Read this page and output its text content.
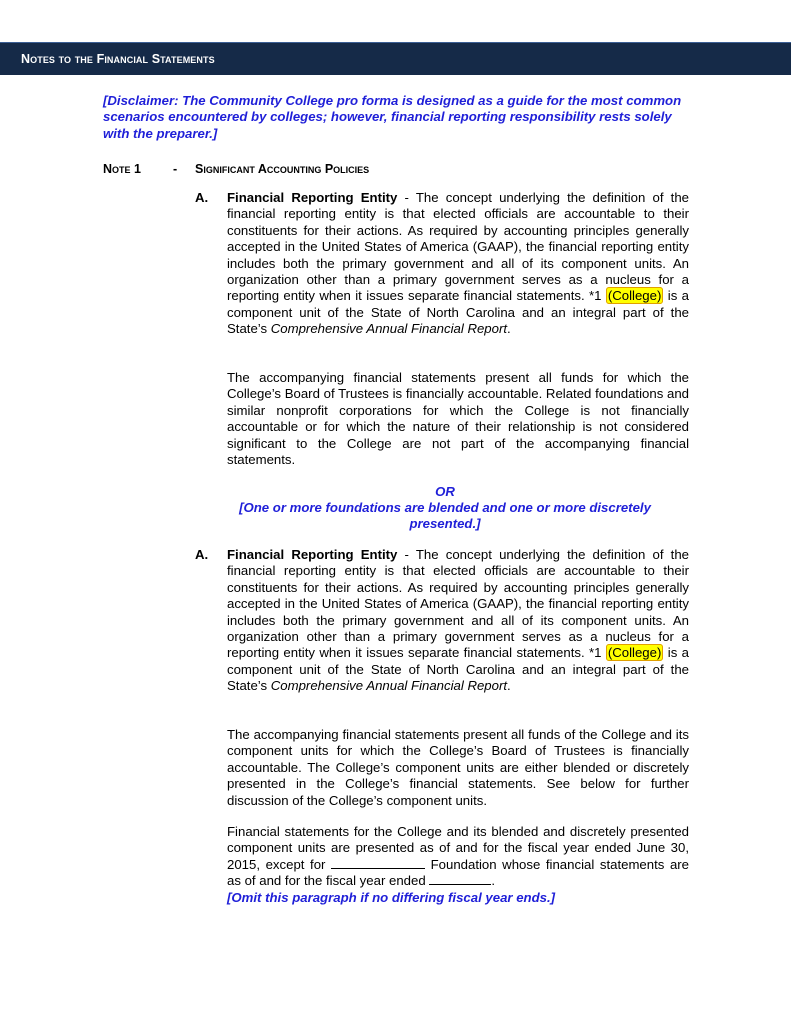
Notes to the Financial Statements
[Disclaimer: The Community College pro forma is designed as a guide for the most common scenarios encountered by colleges; however, financial reporting responsibility rests solely with the preparer.]
Note 1	- Significant Accounting Policies
A. Financial Reporting Entity - The concept underlying the definition of the financial reporting entity is that elected officials are accountable to their constituents for their actions. As required by accounting principles generally accepted in the United States of America (GAAP), the financial reporting entity includes both the primary government and all of its component units. An organization other than a primary government serves as a nucleus for a reporting entity when it issues separate financial statements. *1 (College) is a component unit of the State of North Carolina and an integral part of the State’s Comprehensive Annual Financial Report.
The accompanying financial statements present all funds for which the College’s Board of Trustees is financially accountable. Related foundations and similar nonprofit corporations for which the College is not financially accountable or for which the nature of their relationship is not considered significant to the College are not part of the accompanying financial statements.
OR
[One or more foundations are blended and one or more discretely presented.]
A. Financial Reporting Entity - The concept underlying the definition of the financial reporting entity is that elected officials are accountable to their constituents for their actions. As required by accounting principles generally accepted in the United States of America (GAAP), the financial reporting entity includes both the primary government and all of its component units. An organization other than a primary government serves as a nucleus for a reporting entity when it issues separate financial statements. *1 (College) is a component unit of the State of North Carolina and an integral part of the State’s Comprehensive Annual Financial Report.
The accompanying financial statements present all funds of the College and its component units for which the College’s Board of Trustees is financially accountable. The College’s component units are either blended or discretely presented in the College’s financial statements. See below for further discussion of the College’s component units.
Financial statements for the College and its blended and discretely presented component units are presented as of and for the fiscal year ended June 30, 2015, except for	Foundation whose financial statements are as of and for the fiscal year ended	.
[Omit this paragraph if no differing fiscal year ends.]
